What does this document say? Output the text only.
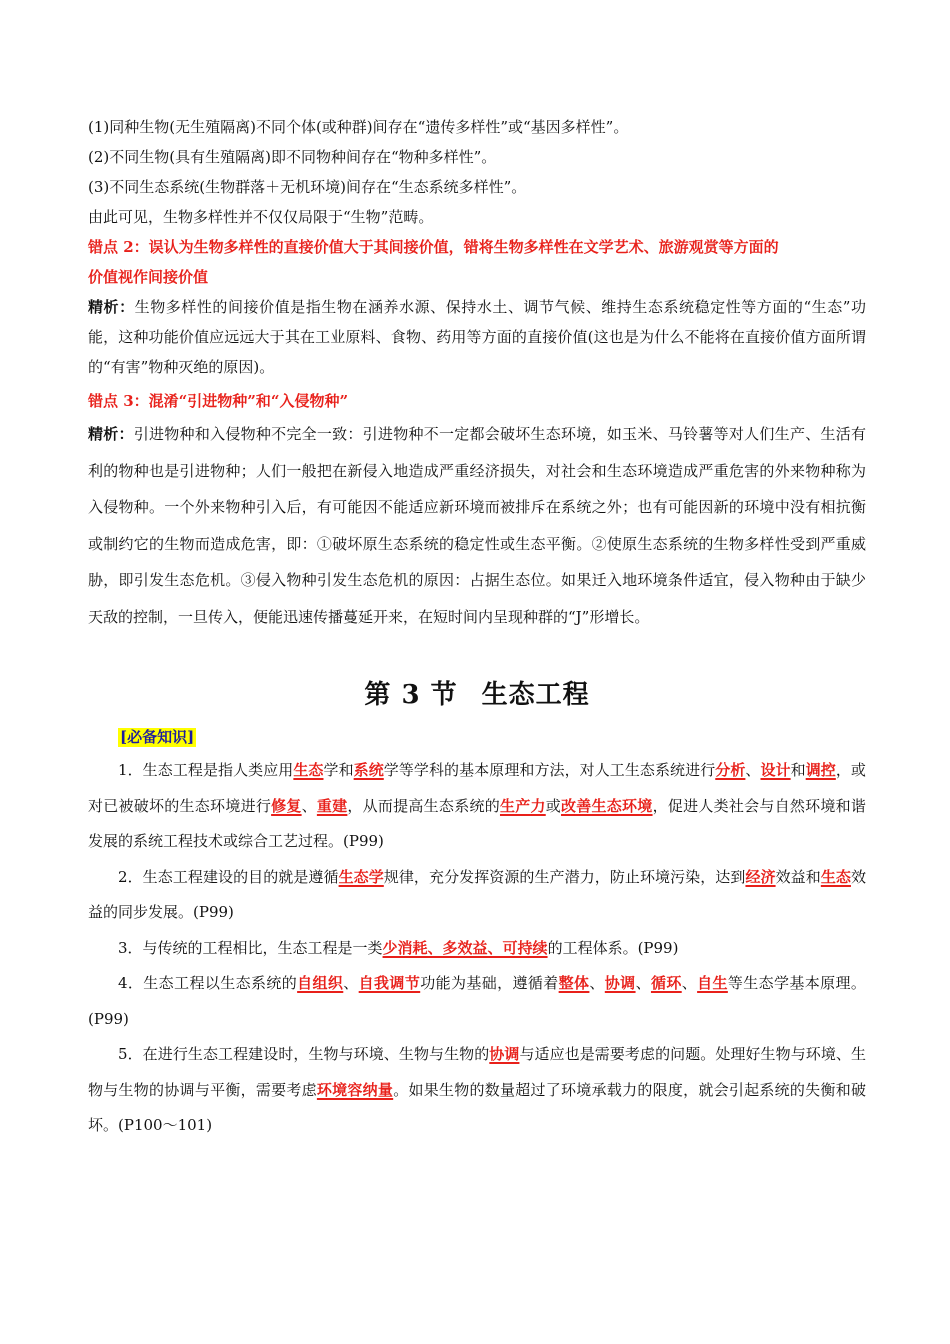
(1)同种生物(无生殖隔离)不同个体(或种群)间存在“遗传多样性”或“基因多样性”。

(2)不同生物(具有生殖隔离)即不同物种间存在“物种多样性”。

(3)不同生态系统(生物群落＋无机环境)间存在“生态系统多样性”。

由此可见，生物多样性并不仅仅局限于“生物”范畴。

错点 2：误认为生物多样性的直接价值大于其间接价值，错将生物多样性在文学艺术、旅游观赏等方面的

价值视作间接价值

精析：生物多样性的间接价值是指生物在涵养水源、保持水土、调节气候、维持生态系统稳定性等方面的“生态”功能，这种功能价值应远远大于其在工业原料、食物、药用等方面的直接价值(这也是为什么不能将在直接价值方面所谓的“有害”物种灭绝的原因)。

错点 3：混淆“引进物种”和“入侵物种”

精析：引进物种和入侵物种不完全一致：引进物种不一定都会破坏生态环境，如玉米、马铃薯等对人们生产、生活有利的物种也是引进物种；人们一般把在新侵入地造成严重经济损失，对社会和生态环境造成严重危害的外来物种称为入侵物种。一个外来物种引入后，有可能因不能适应新环境而被排斥在系统之外；也有可能因新的环境中没有相抗衡或制约它的生物而造成危害，即：①破坏原生态系统的稳定性或生态平衡。②使原生态系统的生物多样性受到严重威胁，即引发生态危机。③侵入物种引发生态危机的原因：占据生态位。如果迁入地环境条件适宜，侵入物种由于缺少天敌的控制，一旦传入，便能迅速传播蔓延开来，在短时间内呈现种群的“J”形增长。

第 3 节 生态工程
[必备知识]

1．生态工程是指人类应用生态学和系统学等学科的基本原理和方法，对人工生态系统进行分析、设计和调控，或对已被破坏的生态环境进行修复、重建，从而提高生态系统的生产力或改善生态环境，促进人类社会与自然环境和谐发展的系统工程技术或综合工艺过程。(P99)

2．生态工程建设的目的就是遵循生态学规律，充分发挥资源的生产潜力，防止环境污染，达到经济效益和生态效益的同步发展。(P99)

3．与传统的工程相比，生态工程是一类少消耗、多效益、可持续的工程体系。(P99)

4．生态工程以生态系统的自组织、自我调节功能为基础，遵循着整体、协调、循环、自生等生态学基本原理。(P99)

5．在进行生态工程建设时，生物与环境、生物与生物的协调与适应也是需要考虑的问题。处理好生物与环境、生物与生物的协调与平衡，需要考虑环境容纳量。如果生物的数量超过了环境承载力的限度，就会引起系统的失衡和破坏。(P100～101)
